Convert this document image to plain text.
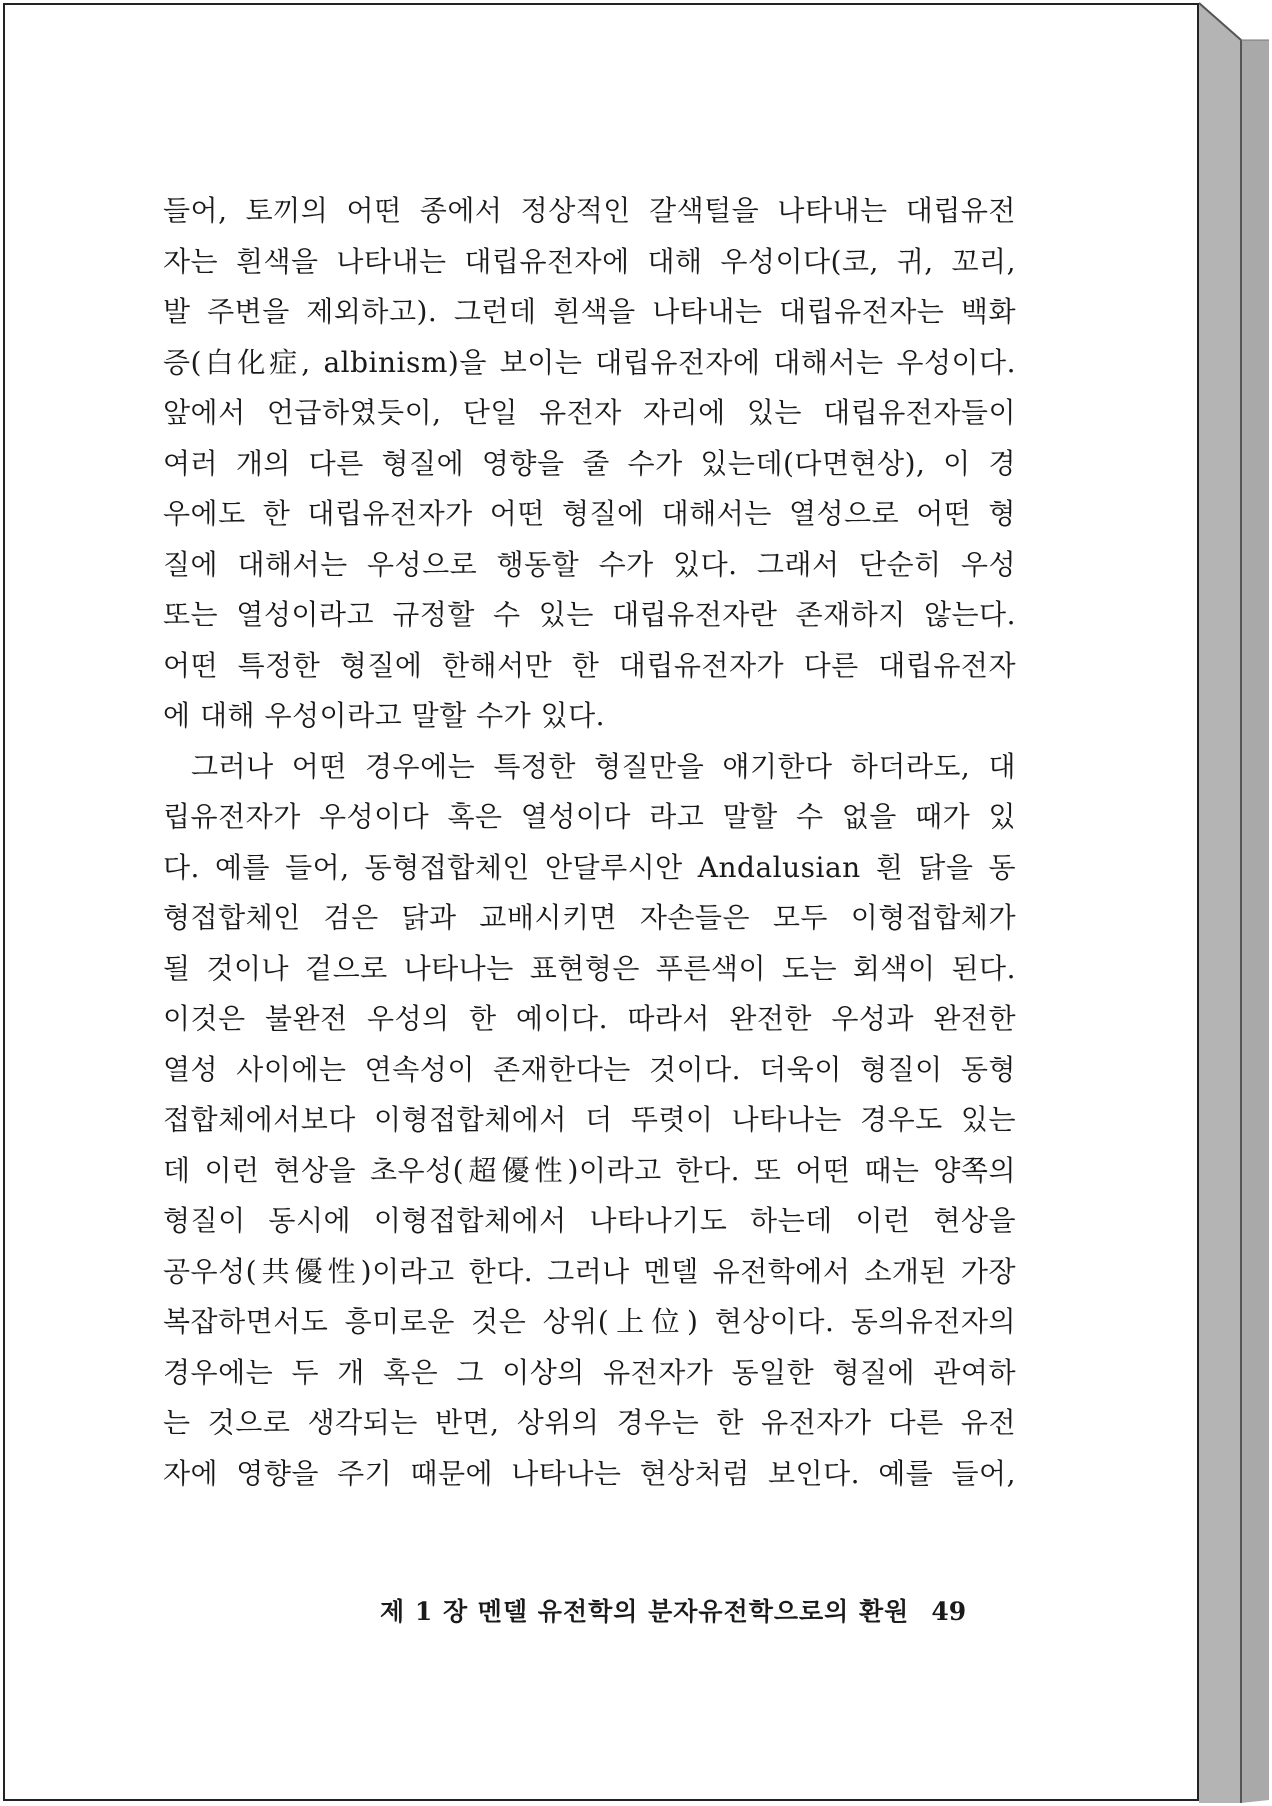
들어, 토끼의 어떤 종에서 정상적인 갈색털을 나타내는 대립유전
자는 흰색을 나타내는 대립유전자에 대해 우성이다(코, 귀, 꼬리,
발 주변을 제외하고). 그런데 흰색을 나타내는 대립유전자는 백화
증(白化症, albinism)을 보이는 대립유전자에 대해서는 우성이다.
앞에서 언급하였듯이, 단일 유전자 자리에 있는 대립유전자들이
여러 개의 다른 형질에 영향을 줄 수가 있는데(다면현상), 이 경
우에도 한 대립유전자가 어떤 형질에 대해서는 열성으로 어떤 형
질에 대해서는 우성으로 행동할 수가 있다. 그래서 단순히 우성
또는 열성이라고 규정할 수 있는 대립유전자란 존재하지 않는다.
어떤 특정한 형질에 한해서만 한 대립유전자가 다른 대립유전자
에 대해 우성이라고 말할 수가 있다.
그러나 어떤 경우에는 특정한 형질만을 얘기한다 하더라도, 대
립유전자가 우성이다 혹은 열성이다 라고 말할 수 없을 때가 있
다. 예를 들어, 동형접합체인 안달루시안 Andalusian 흰 닭을 동
형접합체인 검은 닭과 교배시키면 자손들은 모두 이형접합체가
될 것이나 겉으로 나타나는 표현형은 푸른색이 도는 회색이 된다.
이것은 불완전 우성의 한 예이다. 따라서 완전한 우성과 완전한
열성 사이에는 연속성이 존재한다는 것이다. 더욱이 형질이 동형
접합체에서보다 이형접합체에서 더 뚜렷이 나타나는 경우도 있는
데 이런 현상을 초우성(超優性)이라고 한다. 또 어떤 때는 양쪽의
형질이 동시에 이형접합체에서 나타나기도 하는데 이런 현상을
공우성(共優性)이라고 한다. 그러나 멘델 유전학에서 소개된 가장
복잡하면서도 흥미로운 것은 상위(上位) 현상이다. 동의유전자의
경우에는 두 개 혹은 그 이상의 유전자가 동일한 형질에 관여하
는 것으로 생각되는 반면, 상위의 경우는 한 유전자가 다른 유전
자에 영향을 주기 때문에 나타나는 현상처럼 보인다. 예를 들어,
제 1 장 멘델 유전학의 분자유전학으로의 환원 49
